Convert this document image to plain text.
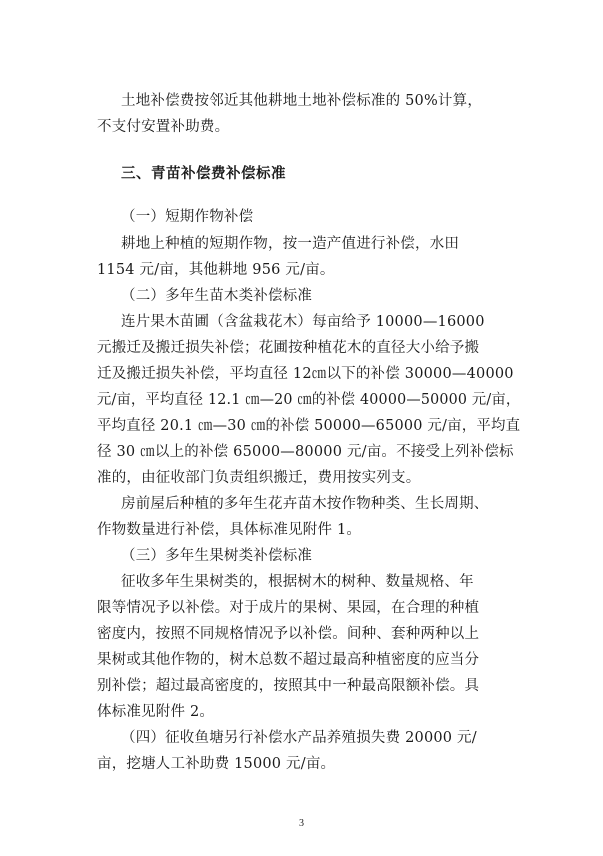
土地补偿费按邻近其他耕地土地补偿标准的 50%计算，
不支付安置补助费。
三、青苗补偿费补偿标准
（一）短期作物补偿
耕地上种植的短期作物，按一造产值进行补偿，水田
1154 元/亩，其他耕地 956 元/亩。
（二）多年生苗木类补偿标准
连片果木苗圃（含盆栽花木）每亩给予 10000—16000
元搬迁及搬迁损失补偿；花圃按种植花木的直径大小给予搬
迁及搬迁损失补偿，平均直径 12㎝以下的补偿 30000—40000
元/亩，平均直径 12.1 ㎝—20 ㎝的补偿 40000—50000 元/亩，
平均直径 20.1 ㎝—30 ㎝的补偿 50000—65000 元/亩，平均直
径 30 ㎝以上的补偿 65000—80000 元/亩。不接受上列补偿标
准的，由征收部门负责组织搬迁，费用按实列支。
房前屋后种植的多年生花卉苗木按作物种类、生长周期、
作物数量进行补偿，具体标准见附件 1。
（三）多年生果树类补偿标准
征收多年生果树类的，根据树木的树种、数量规格、年
限等情况予以补偿。对于成片的果树、果园，在合理的种植
密度内，按照不同规格情况予以补偿。间种、套种两种以上
果树或其他作物的，树木总数不超过最高种植密度的应当分
别补偿；超过最高密度的，按照其中一种最高限额补偿。具
体标准见附件 2。
（四）征收鱼塘另行补偿水产品养殖损失费 20000 元/
亩，挖塘人工补助费 15000 元/亩。
3
